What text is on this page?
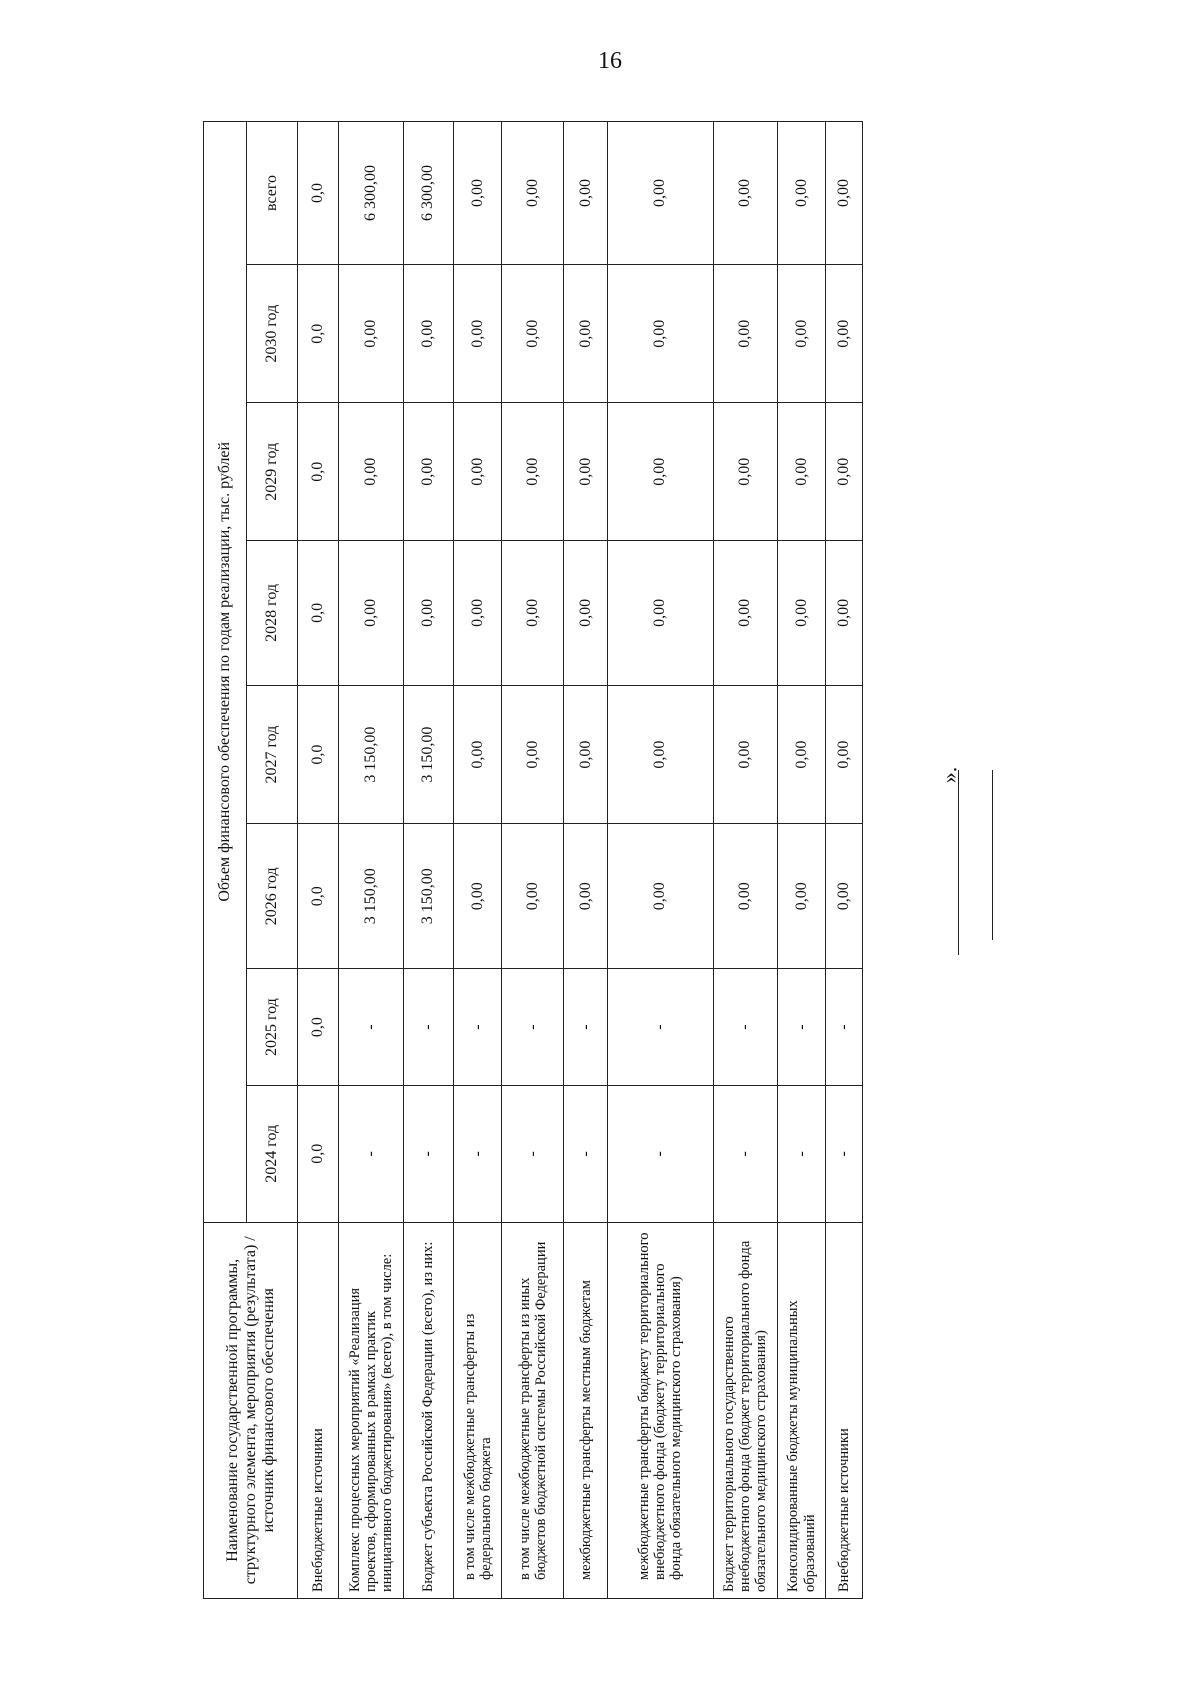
16
Наименование государственной программы, структурного элемента, мероприятия (результата) / источник финансового обеспечения	Объем финансового обеспечения по годам реализации, тыс. рублей							
	2024 год	2025 год	2026 год	2027 год	2028 год	2029 год	2030 год	всего
Внебюджетные источники	0,0	0,0	0,0	0,0	0,0	0,0	0,0	0,0
Комплекс процессных мероприятий «Реализация проектов, сформированных в рамках практик инициативного бюджетирования» (всего), в том числе:	-	-	3 150,00	3 150,00	0,00	0,00	0,00	6 300,00
Бюджет субъекта Российской Федерации (всего), из них:	-	-	3 150,00	3 150,00	0,00	0,00	0,00	6 300,00
в том числе межбюджетные трансферты из федерального бюджета	-	-	0,00	0,00	0,00	0,00	0,00	0,00
в том числе межбюджетные трансферты из иных бюджетов бюджетной системы Российской Федерации	-	-	0,00	0,00	0,00	0,00	0,00	0,00
межбюджетные трансферты местным бюджетам	-	-	0,00	0,00	0,00	0,00	0,00	0,00
межбюджетные трансферты бюджету территориального внебюджетного фонда (бюджету территориального фонда обязательного медицинского страхования)	-	-	0,00	0,00	0,00	0,00	0,00	0,00
Бюджет территориального государственного внебюджетного фонда (бюджет территориального фонда обязательного медицинского страхования)	-	-	0,00	0,00	0,00	0,00	0,00	0,00
Консолидированные бюджеты муниципальных образований	-	-	0,00	0,00	0,00	0,00	0,00	0,00
Внебюджетные источники	-	-	0,00	0,00	0,00	0,00	0,00	0,00
».
